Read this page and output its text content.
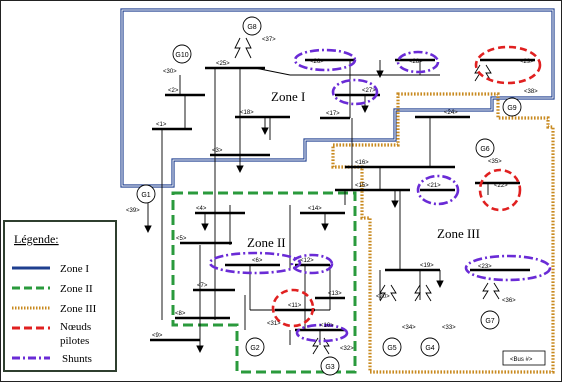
<1>
<2>
<3>
<4>
<5>
<6>
<7>
<8>
<9>
<10>
<11>
<12>
<13>
<14>
<15>
<16>
<17>
<18>
<19>
<20>
<21>	<22>
<23>
<24>
<25>	<26>
<27>
<28>	<29>
<30>
<31>
<32>
<33>
<34>
<35>
<36>
<37>
<38>
<39>
G1
G2
G3
G4
G5
G6
G7
G8
G9
G10
Zone I
Zone II
Zone III
<Bus #>
Légende:
Zone I
Zone II
Zone III
Nœuds
pilotes
Shunts
